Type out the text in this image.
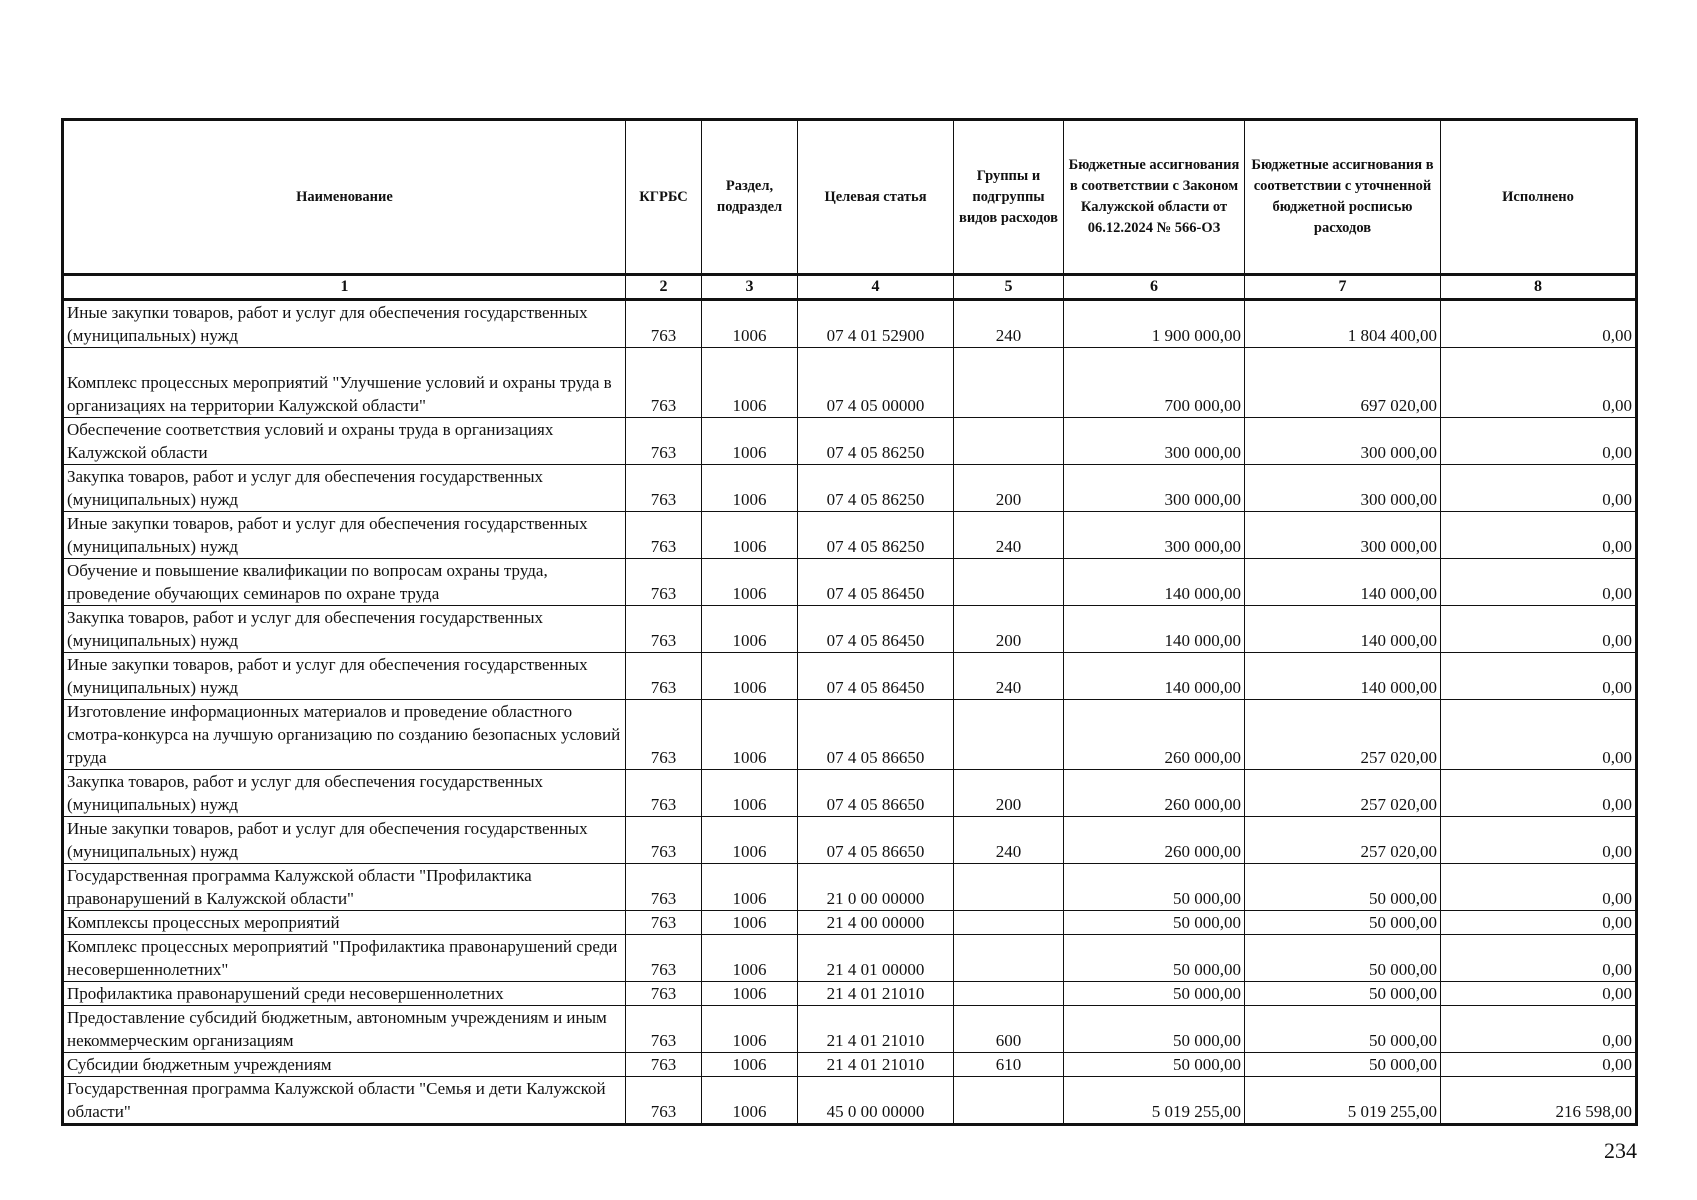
Наименование	КГРБС	Раздел, подраздел	Целевая статья	Группы и подгруппы видов расходов	Бюджетные ассигнования в соответствии с Законом Калужской области от 06.12.2024 № 566-ОЗ	Бюджетные ассигнования в соответствии с уточненной бюджетной росписью расходов	Исполнено
1	2	3	4	5	6	7	8
Иные закупки товаров, работ и услуг для обеспечения государственных (муниципальных) нужд	763	1006	07 4 01 52900	240	1 900 000,00	1 804 400,00	0,00
Комплекс процессных мероприятий "Улучшение условий и охраны труда в организациях на территории Калужской области"	763	1006	07 4 05 00000		700 000,00	697 020,00	0,00
Обеспечение соответствия условий и охраны труда в организациях Калужской области	763	1006	07 4 05 86250		300 000,00	300 000,00	0,00
Закупка товаров, работ и услуг для обеспечения государственных (муниципальных) нужд	763	1006	07 4 05 86250	200	300 000,00	300 000,00	0,00
Иные закупки товаров, работ и услуг для обеспечения государственных (муниципальных) нужд	763	1006	07 4 05 86250	240	300 000,00	300 000,00	0,00
Обучение и повышение квалификации по вопросам охраны труда, проведение обучающих семинаров по охране труда	763	1006	07 4 05 86450		140 000,00	140 000,00	0,00
Закупка товаров, работ и услуг для обеспечения государственных (муниципальных) нужд	763	1006	07 4 05 86450	200	140 000,00	140 000,00	0,00
Иные закупки товаров, работ и услуг для обеспечения государственных (муниципальных) нужд	763	1006	07 4 05 86450	240	140 000,00	140 000,00	0,00
Изготовление информационных материалов и проведение областного смотра-конкурса на лучшую организацию по созданию безопасных условий труда	763	1006	07 4 05 86650		260 000,00	257 020,00	0,00
Закупка товаров, работ и услуг для обеспечения государственных (муниципальных) нужд	763	1006	07 4 05 86650	200	260 000,00	257 020,00	0,00
Иные закупки товаров, работ и услуг для обеспечения государственных (муниципальных) нужд	763	1006	07 4 05 86650	240	260 000,00	257 020,00	0,00
Государственная программа Калужской области "Профилактика правонарушений в Калужской области"	763	1006	21 0 00 00000		50 000,00	50 000,00	0,00
Комплексы процессных мероприятий	763	1006	21 4 00 00000		50 000,00	50 000,00	0,00
Комплекс процессных мероприятий "Профилактика правонарушений среди несовершеннолетних"	763	1006	21 4 01 00000		50 000,00	50 000,00	0,00
Профилактика правонарушений среди несовершеннолетних	763	1006	21 4 01 21010		50 000,00	50 000,00	0,00
Предоставление субсидий бюджетным, автономным учреждениям и иным некоммерческим организациям	763	1006	21 4 01 21010	600	50 000,00	50 000,00	0,00
Субсидии бюджетным учреждениям	763	1006	21 4 01 21010	610	50 000,00	50 000,00	0,00
Государственная программа Калужской области "Семья и дети Калужской области"	763	1006	45 0 00 00000		5 019 255,00	5 019 255,00	216 598,00
234
